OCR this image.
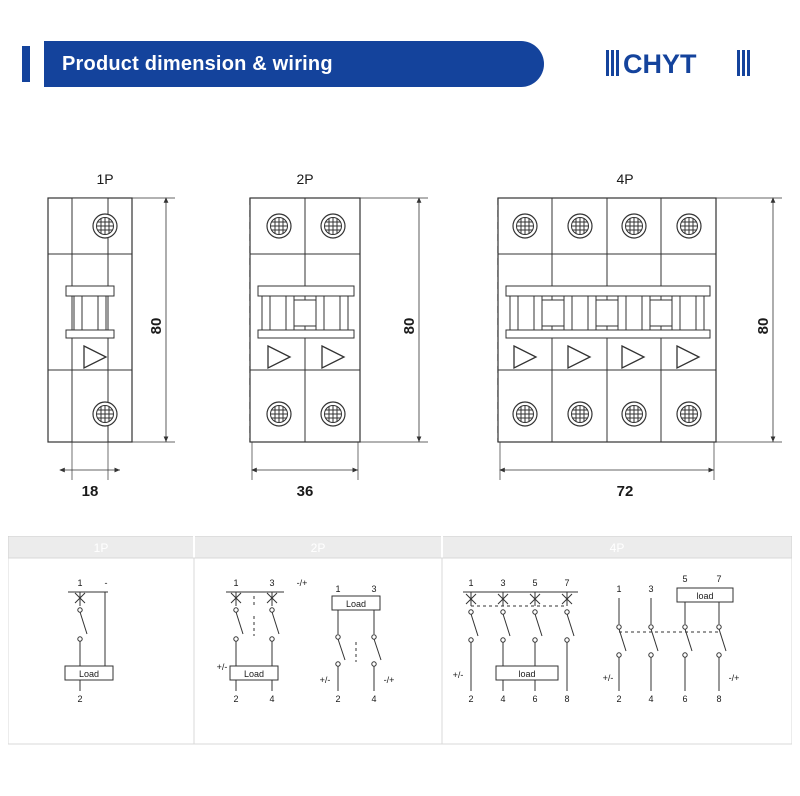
Product dimension & wiring	CHYT
1P
80
18
2P
80
36
4P
80
72
1P	2P	4P
1 -
Load
2
1	3 -/+
Load
+/-
2	4
1	3
Load
+/-	-/+
2	4
1	3	5	7
load
+/-
2	4	6	8
1	3
5	7
load
+/-	-/+
2	4	6	8
